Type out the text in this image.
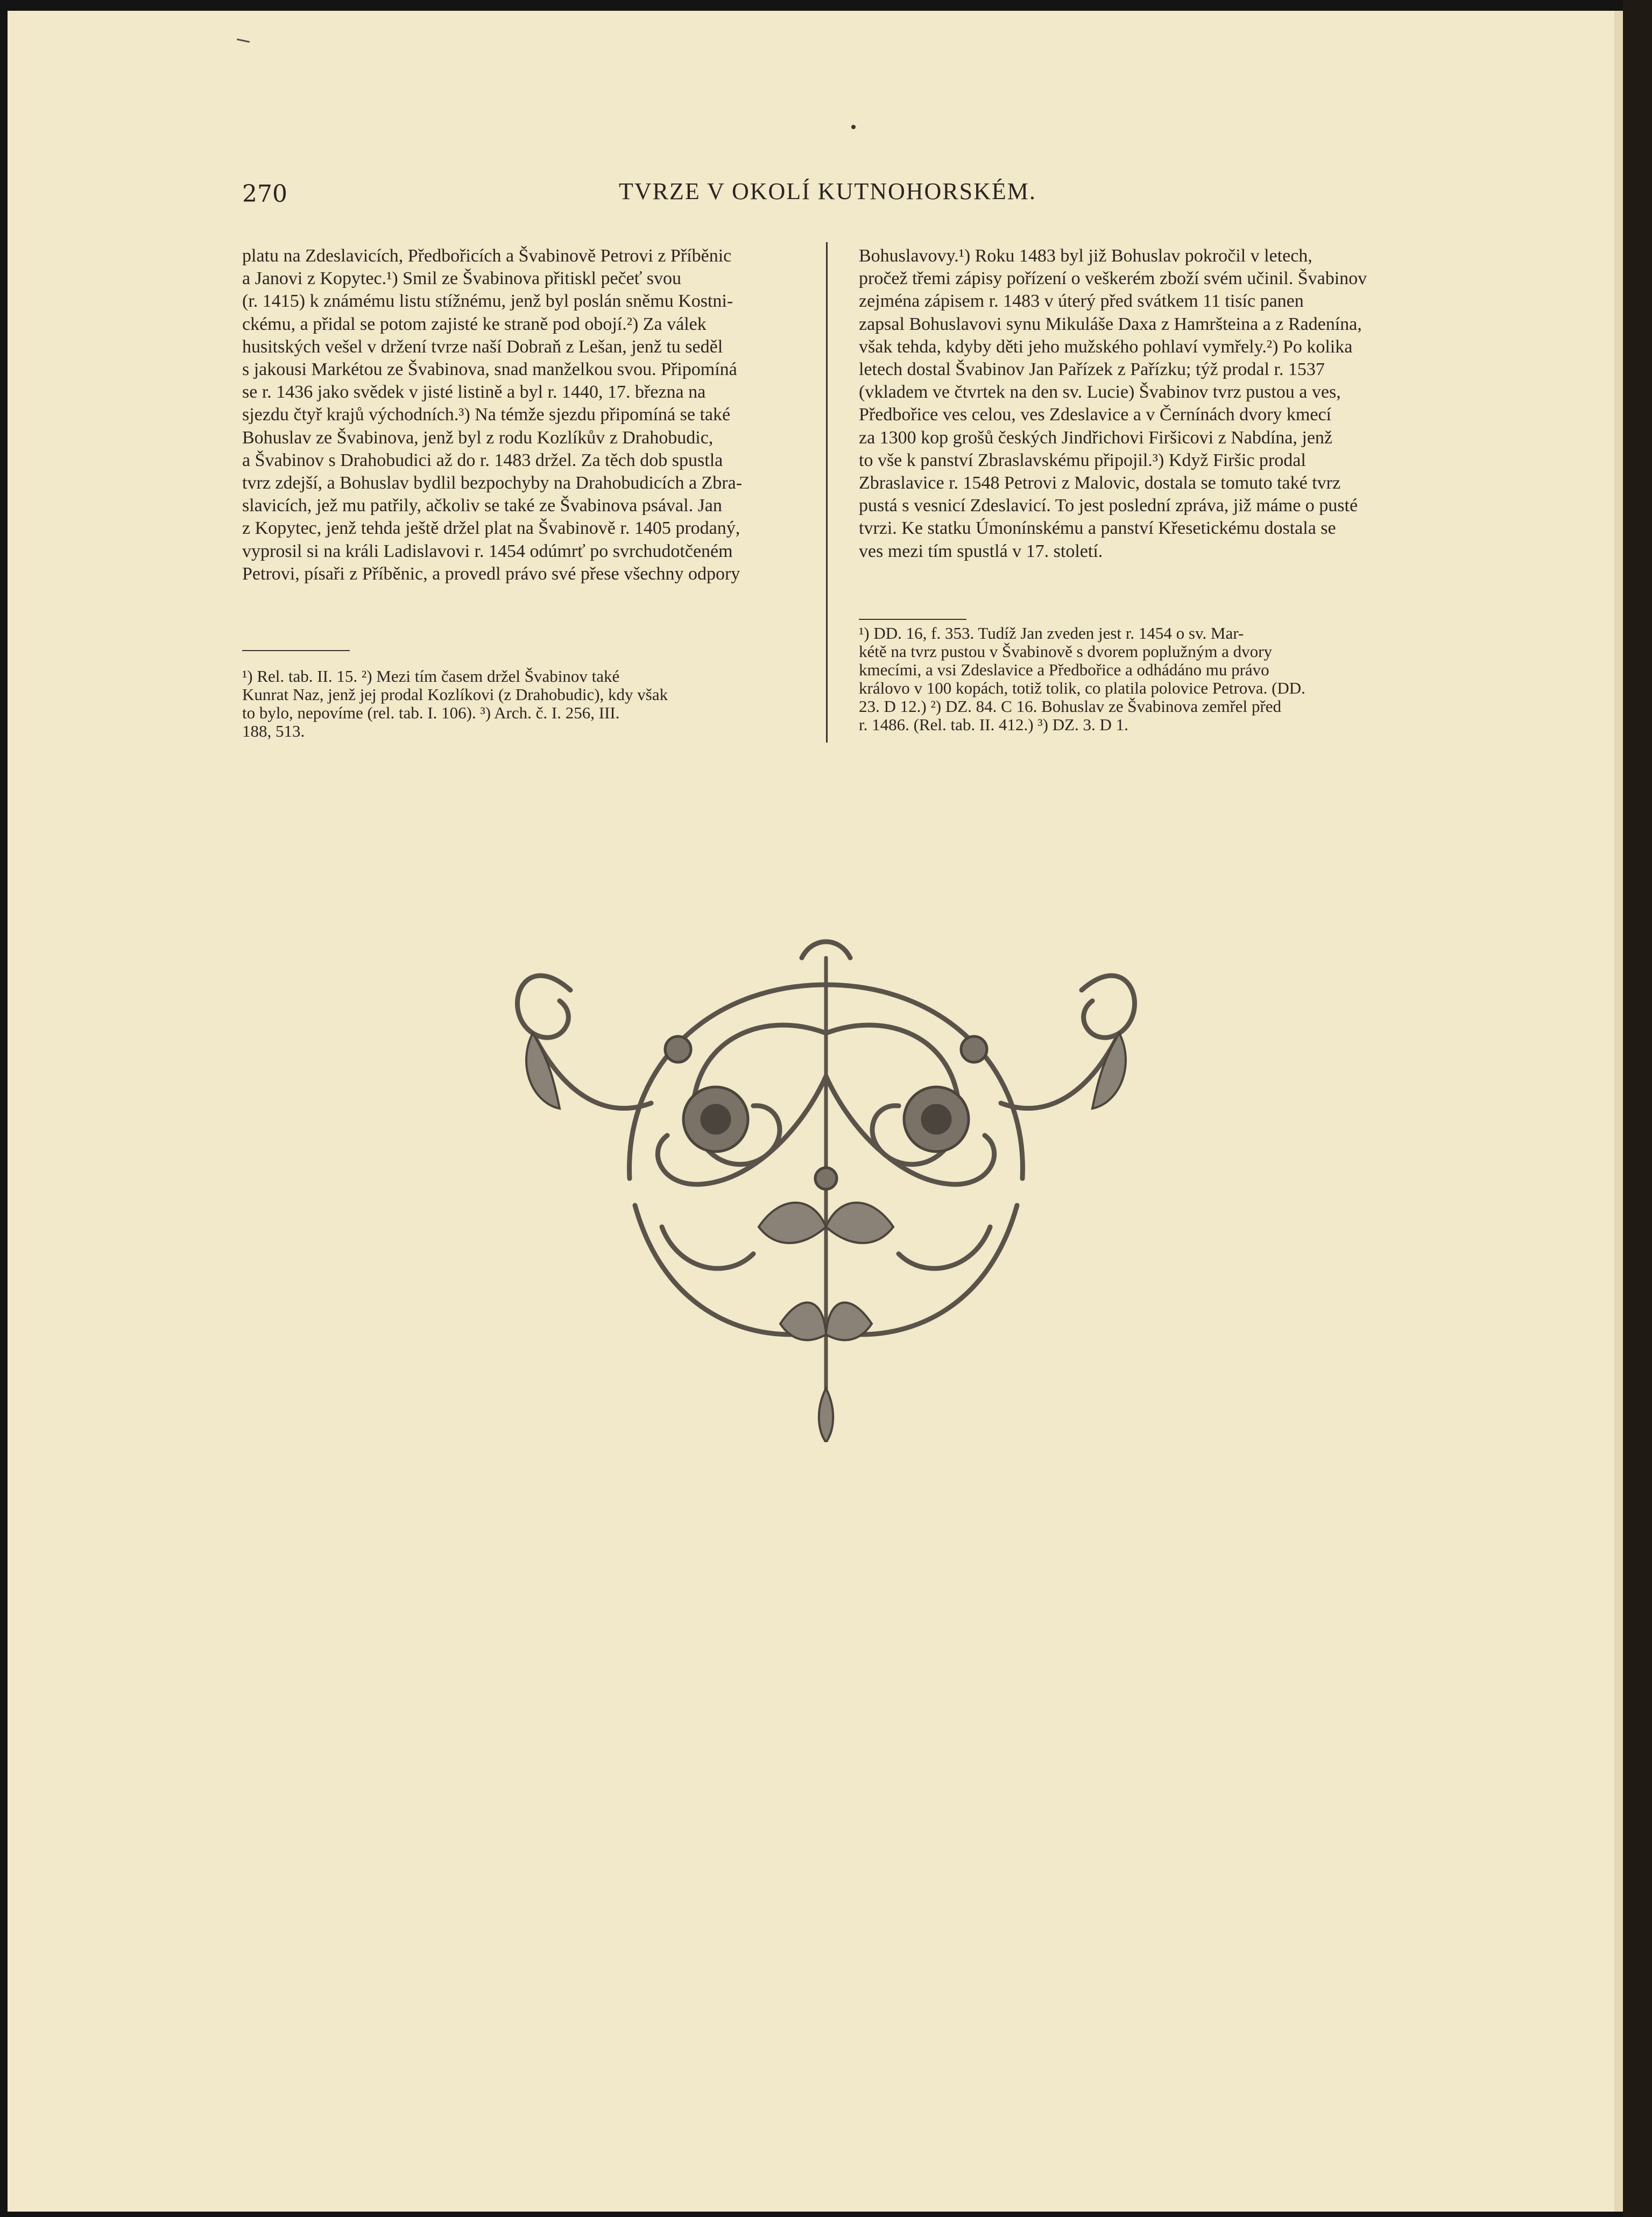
270	TVRZE V OKOLÍ KUTNOHORSKÉM.
platu na Zdeslavicích, Předbořicích a Švabinově Petrovi z Příběnic
a Janovi z Kopytec.¹) Smil ze Švabinova přitiskl pečeť svou
(r. 1415) k známému listu stížnému, jenž byl poslán sněmu Kostni-
ckému, a přidal se potom zajisté ke straně pod obojí.²) Za válek
husitských vešel v držení tvrze naší Dobraň z Lešan, jenž tu seděl
s jakousi Markétou ze Švabinova, snad manželkou svou. Připomíná
se r. 1436 jako svědek v jisté listině a byl r. 1440, 17. března na
sjezdu čtyř krajů východních.³) Na témže sjezdu připomíná se také
Bohuslav ze Švabinova, jenž byl z rodu Kozlíkův z Drahobudic,
a Švabinov s Drahobudici až do r. 1483 držel. Za těch dob spustla
tvrz zdejší, a Bohuslav bydlil bezpochyby na Drahobudicích a Zbra-
slavicích, jež mu patřily, ačkoliv se také ze Švabinova psával. Jan
z Kopytec, jenž tehda ještě držel plat na Švabinově r. 1405 prodaný,
vyprosil si na králi Ladislavovi r. 1454 odúmrť po svrchudotčeném
Petrovi, písaři z Příběnic, a provedl právo své přese všechny odpory
Bohuslavovy.¹) Roku 1483 byl již Bohuslav pokročil v letech,
pročež třemi zápisy pořízení o veškerém zboží svém učinil. Švabinov
zejména zápisem r. 1483 v úterý před svátkem 11 tisíc panen
zapsal Bohuslavovi synu Mikuláše Daxa z Hamršteina a z Radenína,
však tehda, kdyby děti jeho mužského pohlaví vymřely.²) Po kolika
letech dostal Švabinov Jan Pařízek z Pařízku; týž prodal r. 1537
(vkladem ve čtvrtek na den sv. Lucie) Švabinov tvrz pustou a ves,
Předbořice ves celou, ves Zdeslavice a v Černínách dvory kmecí
za 1300 kop grošů českých Jindřichovi Firšicovi z Nabdína, jenž
to vše k panství Zbraslavskému připojil.³) Když Firšic prodal
Zbraslavice r. 1548 Petrovi z Malovic, dostala se tomuto také tvrz
pustá s vesnicí Zdeslavicí. To jest poslední zpráva, již máme o pusté
tvrzi. Ke statku Úmonínskému a panství Křesetickému dostala se
ves mezi tím spustlá v 17. století.
¹) Rel. tab. II. 15. ²) Mezi tím časem držel Švabinov také
Kunrat Naz, jenž jej prodal Kozlíkovi (z Drahobudic), kdy však
to bylo, nepovíme (rel. tab. I. 106). ³) Arch. č. I. 256, III.
188, 513.
¹) DD. 16, f. 353. Tudíž Jan zveden jest r. 1454 o sv. Mar-
kétě na tvrz pustou v Švabinově s dvorem poplužným a dvory
kmecími, a vsi Zdeslavice a Předbořice a odhádáno mu právo
královo v 100 kopách, totiž tolik, co platila polovice Petrova. (DD.
23. D 12.) ²) DZ. 84. C 16. Bohuslav ze Švabinova zemřel před
r. 1486. (Rel. tab. II. 412.) ³) DZ. 3. D 1.
